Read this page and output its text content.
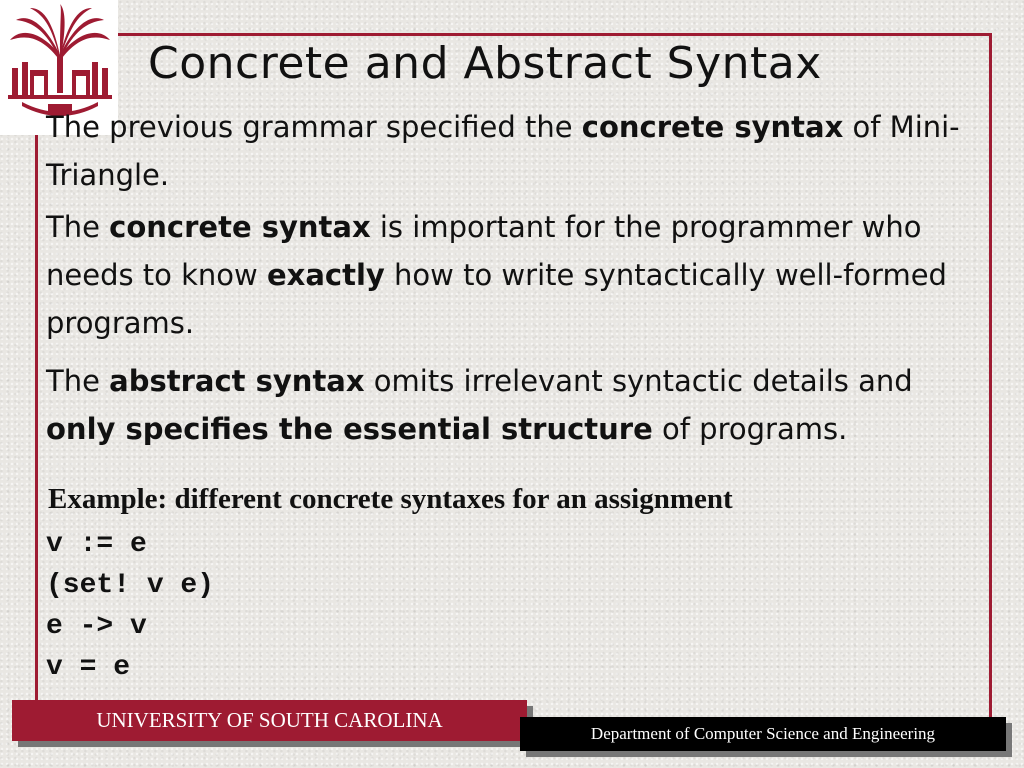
Concrete and Abstract Syntax

The previous grammar specified the concrete syntax of Mini-Triangle.

The concrete syntax is important for the programmer who needs to know exactly how to write syntactically well-formed programs.

The abstract syntax omits irrelevant syntactic details and only specifies the essential structure of programs.

Example: different concrete syntaxes for an assignment

v := e
(set! v e)
e -> v
v = e
UNIVERSITY OF SOUTH CAROLINA
Department of Computer Science and Engineering
